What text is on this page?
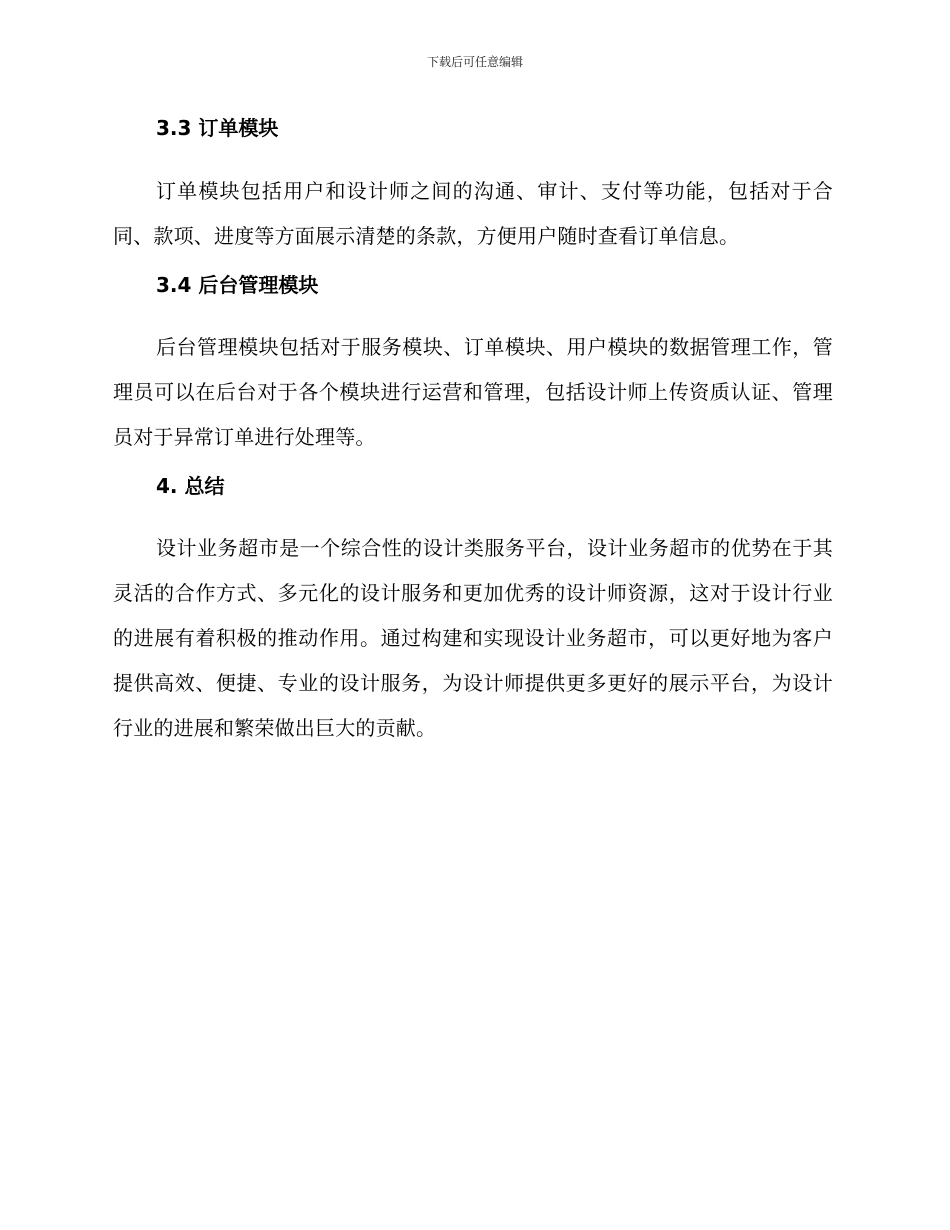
下载后可任意编辑
3.3 订单模块

订单模块包括用户和设计师之间的沟通、审计、支付等功能，包括对于合同、款项、进度等方面展示清楚的条款，方便用户随时查看订单信息。

3.4 后台管理模块

后台管理模块包括对于服务模块、订单模块、用户模块的数据管理工作，管理员可以在后台对于各个模块进行运营和管理，包括设计师上传资质认证、管理员对于异常订单进行处理等。

4. 总结

设计业务超市是一个综合性的设计类服务平台，设计业务超市的优势在于其灵活的合作方式、多元化的设计服务和更加优秀的设计师资源，这对于设计行业的进展有着积极的推动作用。通过构建和实现设计业务超市，可以更好地为客户提供高效、便捷、专业的设计服务，为设计师提供更多更好的展示平台，为设计行业的进展和繁荣做出巨大的贡献。
